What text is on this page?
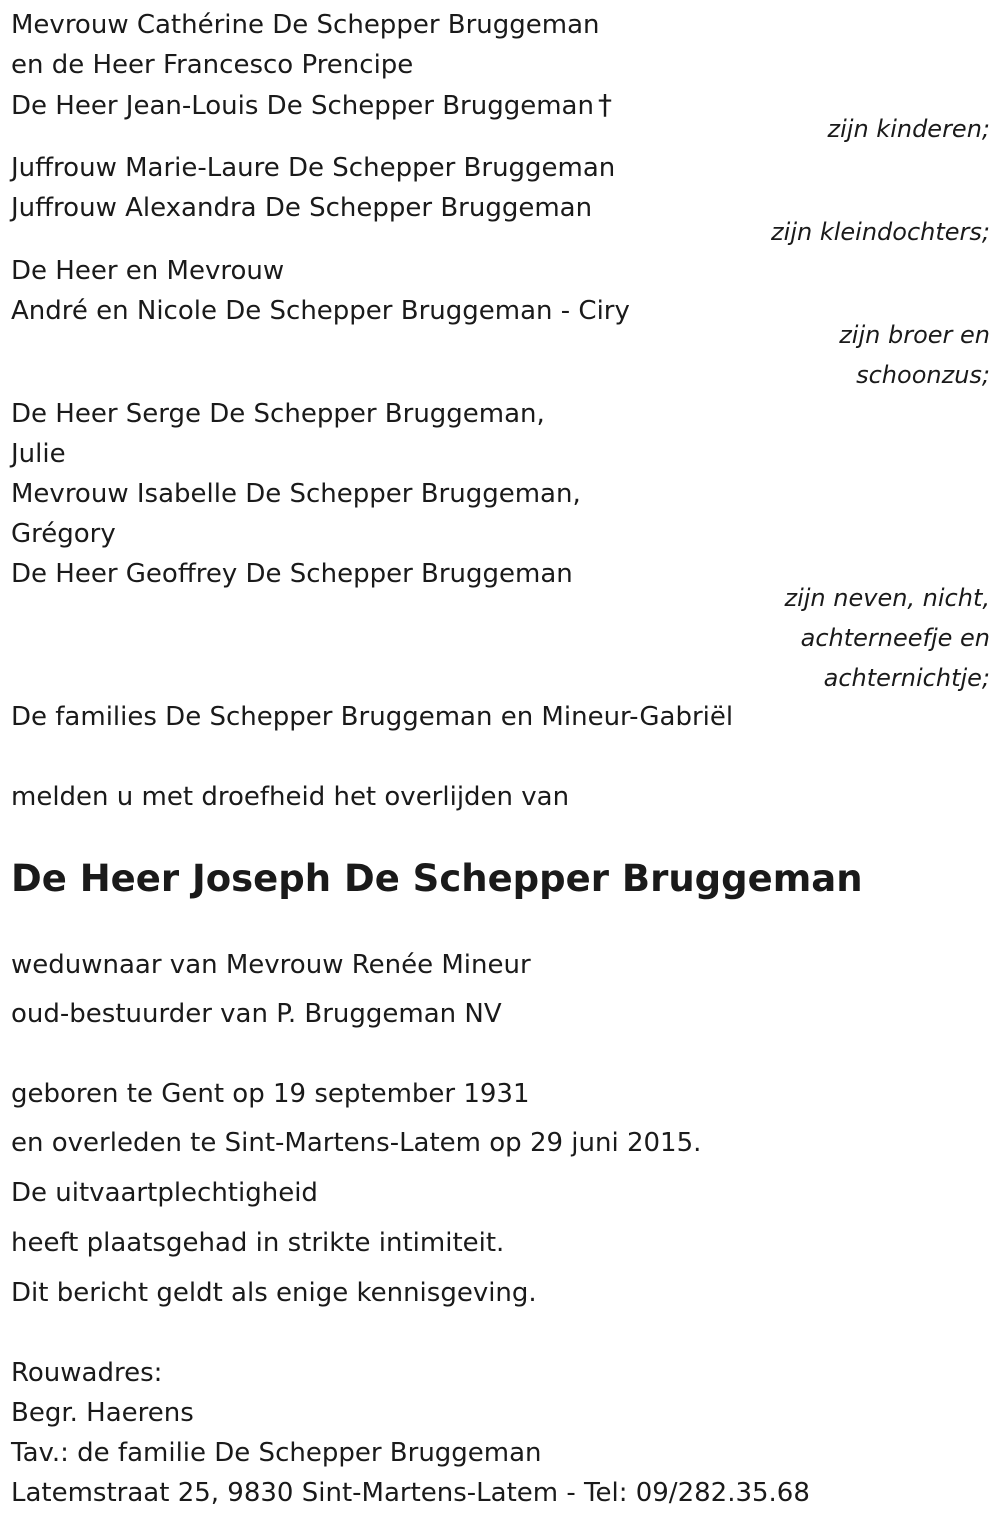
Mevrouw Cathérine De Schepper Bruggeman
en de Heer Francesco Prencipe
De Heer Jean-Louis De Schepper Bruggeman †
zijn kinderen;
Juffrouw Marie-Laure De Schepper Bruggeman
Juffrouw Alexandra De Schepper Bruggeman
zijn kleindochters;
De Heer en Mevrouw
André en Nicole De Schepper Bruggeman - Ciry
zijn broer en
schoonzus;
De Heer Serge De Schepper Bruggeman,
Julie
Mevrouw Isabelle De Schepper Bruggeman,
Grégory
De Heer Geoffrey De Schepper Bruggeman
zijn neven, nicht,
achterneefje en
achternichtje;
De families De Schepper Bruggeman en Mineur-Gabriël
melden u met droefheid het overlijden van
De Heer Joseph De Schepper Bruggeman
weduwnaar van Mevrouw Renée Mineur
oud-bestuurder van P. Bruggeman NV
geboren te Gent op 19 september 1931
en overleden te Sint-Martens-Latem op 29 juni 2015.
De uitvaartplechtigheid
heeft plaatsgehad in strikte intimiteit.
Dit bericht geldt als enige kennisgeving.
Rouwadres:
Begr. Haerens
Tav.: de familie De Schepper Bruggeman
Latemstraat 25, 9830 Sint-Martens-Latem - Tel: 09/282.35.68
